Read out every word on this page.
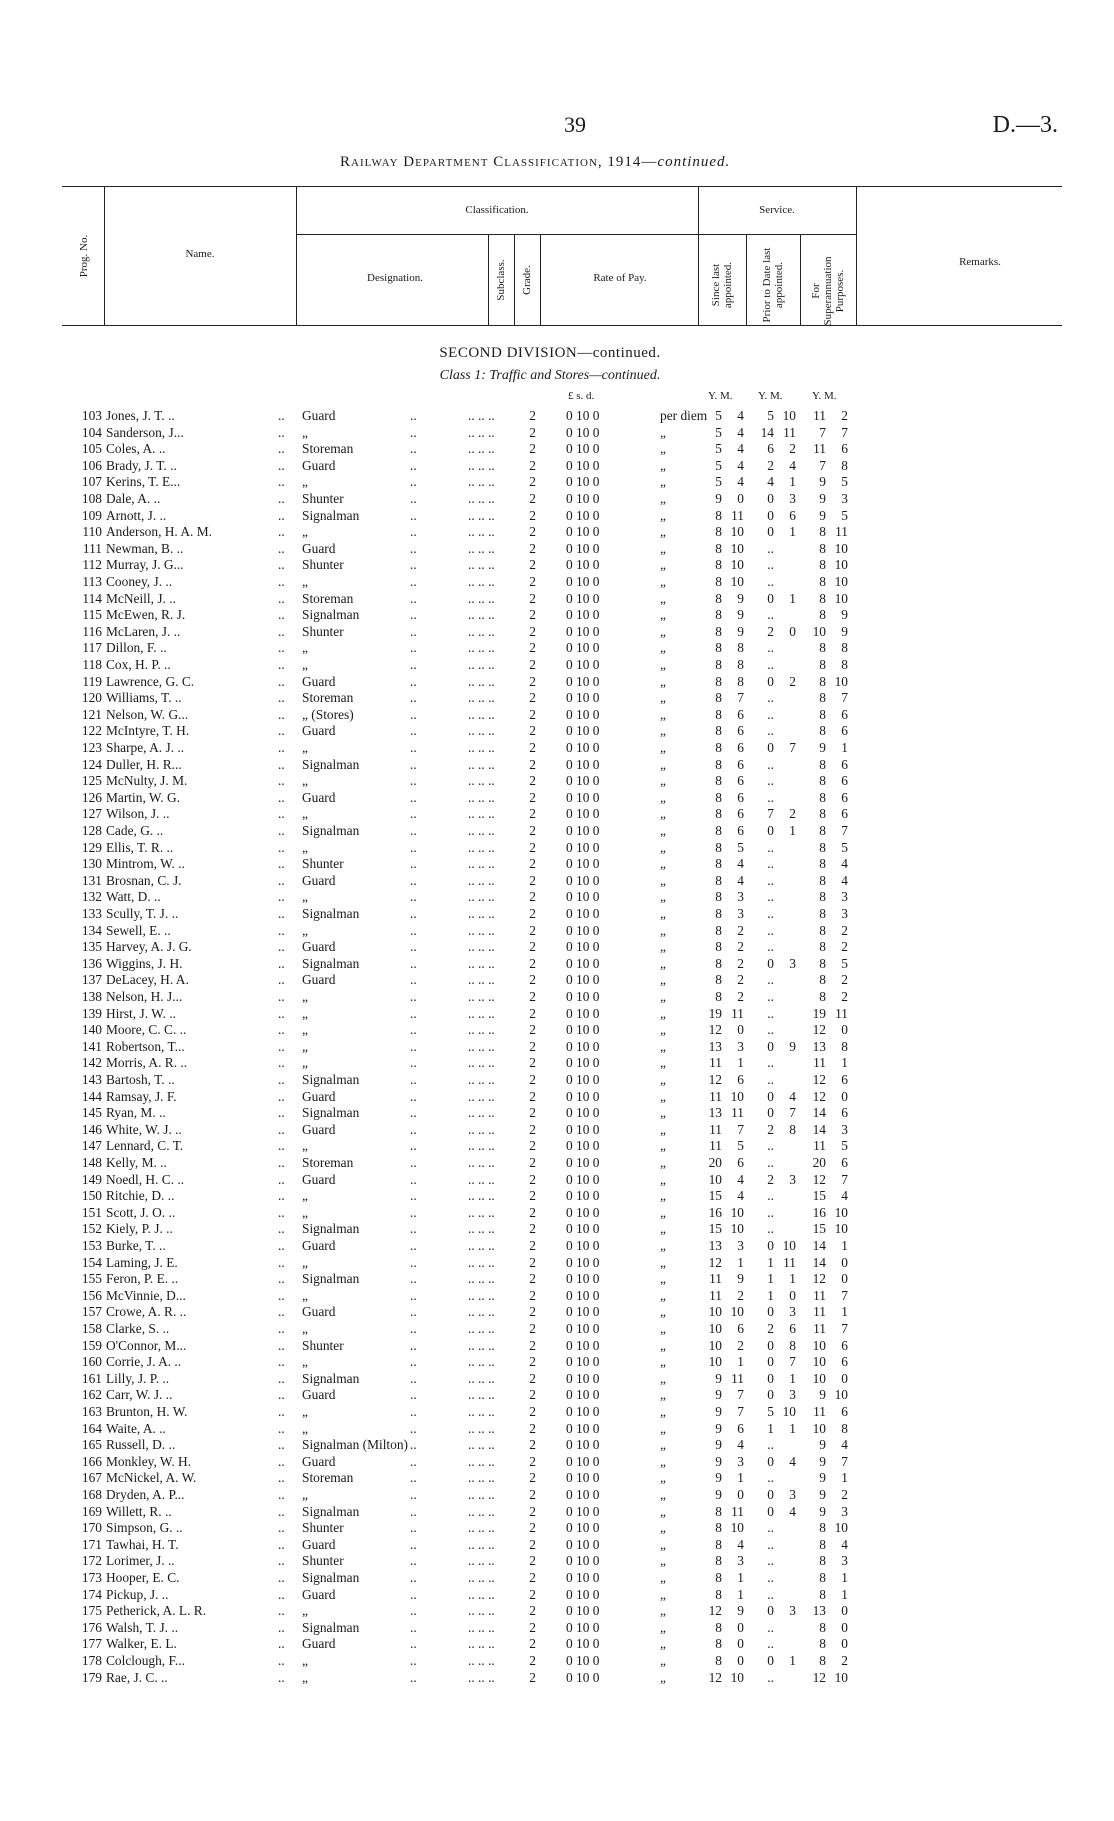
39	D.—3.
Railway Department Classification, 1914—continued.
Prog. No.	Name.
Classification.
Designation.	Subclass. Grade.	Rate of Pay.
Service.
Since last appointed. Prior to Date last appointed. For Superannuation Purposes.
Remarks.
SECOND DIVISION—continued.
Class 1: Traffic and Stores—continued.
£ s. d.	Y. M. Y. M.	Y. M.
103 Jones, J. T. ..	.. Guard	..	.. .. ..	2 0 10 0	per diem 5 4	5 10	11 2
104 Sanderson, J...	.. „	..	.. .. ..	2 0 10 0	„	5 4	14 11	7 7
105 Coles, A. ..	.. Storeman	..	.. .. ..	2 0 10 0	„	5 4	6 2	11 6
106 Brady, J. T. ..	.. Guard	..	.. .. ..	2 0 10 0	„	5 4	2 4	7 8
107 Kerins, T. E...	.. „	..	.. .. ..	2 0 10 0	„	5 4	4 1	9 5
108 Dale, A. ..	.. Shunter	..	.. .. ..	2 0 10 0	„	9 0	0 3	9 3
109 Arnott, J. ..	.. Signalman	..	.. .. ..	2 0 10 0	„	8 11	0 6	9 5
110 Anderson, H. A. M.	.. „	..	.. .. ..	2 0 10 0	„	8 10	0 1	8 11
111 Newman, B. ..	.. Guard	..	.. .. ..	2 0 10 0	„	8 10	..	8 10
112 Murray, J. G...	.. Shunter	..	.. .. ..	2 0 10 0	„	8 10	..	8 10
113 Cooney, J. ..	.. „	..	.. .. ..	2 0 10 0	„	8 10	..	8 10
114 McNeill, J. ..	.. Storeman	..	.. .. ..	2 0 10 0	„	8 9	0 1	8 10
115 McEwen, R. J.	.. Signalman	..	.. .. ..	2 0 10 0	„	8 9	..	8 9
116 McLaren, J. ..	.. Shunter	..	.. .. ..	2 0 10 0	„	8 9	2 0	10 9
117 Dillon, F. ..	.. „	..	.. .. ..	2 0 10 0	„	8 8	..	8 8
118 Cox, H. P. ..	.. „	..	.. .. ..	2 0 10 0	„	8 8	..	8 8
119 Lawrence, G. C.	.. Guard	..	.. .. ..	2 0 10 0	„	8 8	0 2	8 10
120 Williams, T. ..	.. Storeman	..	.. .. ..	2 0 10 0	„	8 7	..	8 7
121 Nelson, W. G...	.. „ (Stores)	..	.. .. ..	2 0 10 0	„	8 6	..	8 6
122 McIntyre, T. H.	.. Guard	..	.. .. ..	2 0 10 0	„	8 6	..	8 6
123 Sharpe, A. J. ..	.. „	..	.. .. ..	2 0 10 0	„	8 6	0 7	9 1
124 Duller, H. R...	.. Signalman	..	.. .. ..	2 0 10 0	„	8 6	..	8 6
125 McNulty, J. M.	.. „	..	.. .. ..	2 0 10 0	„	8 6	..	8 6
126 Martin, W. G.	.. Guard	..	.. .. ..	2 0 10 0	„	8 6	..	8 6
127 Wilson, J. ..	.. „	..	.. .. ..	2 0 10 0	„	8 6	7 2	8 6
128 Cade, G. ..	.. Signalman	..	.. .. ..	2 0 10 0	„	8 6	0 1	8 7
129 Ellis, T. R. ..	.. „	..	.. .. ..	2 0 10 0	„	8 5	..	8 5
130 Mintrom, W. ..	.. Shunter	..	.. .. ..	2 0 10 0	„	8 4	..	8 4
131 Brosnan, C. J.	.. Guard	..	.. .. ..	2 0 10 0	„	8 4	..	8 4
132 Watt, D. ..	.. „	..	.. .. ..	2 0 10 0	„	8 3	..	8 3
133 Scully, T. J. ..	.. Signalman	..	.. .. ..	2 0 10 0	„	8 3	..	8 3
134 Sewell, E. ..	.. „	..	.. .. ..	2 0 10 0	„	8 2	..	8 2
135 Harvey, A. J. G.	.. Guard	..	.. .. ..	2 0 10 0	„	8 2	..	8 2
136 Wiggins, J. H.	.. Signalman	..	.. .. ..	2 0 10 0	„	8 2	0 3	8 5
137 DeLacey, H. A.	.. Guard	..	.. .. ..	2 0 10 0	„	8 2	..	8 2
138 Nelson, H. J...	.. „	..	.. .. ..	2 0 10 0	„	8 2	..	8 2
139 Hirst, J. W. ..	.. „	..	.. .. ..	2 0 10 0	„	19 11	..	19 11
140 Moore, C. C. ..	.. „	..	.. .. ..	2 0 10 0	„	12 0	..	12 0
141 Robertson, T...	.. „	..	.. .. ..	2 0 10 0	„	13 3	0 9	13 8
142 Morris, A. R. ..	.. „	..	.. .. ..	2 0 10 0	„	11 1	..	11 1
143 Bartosh, T. ..	.. Signalman	..	.. .. ..	2 0 10 0	„	12 6	..	12 6
144 Ramsay, J. F.	.. Guard	..	.. .. ..	2 0 10 0	„	11 10	0 4	12 0
145 Ryan, M. ..	.. Signalman	..	.. .. ..	2 0 10 0	„	13 11	0 7	14 6
146 White, W. J. ..	.. Guard	..	.. .. ..	2 0 10 0	„	11 7	2 8	14 3
147 Lennard, C. T.	.. „	..	.. .. ..	2 0 10 0	„	11 5	..	11 5
148 Kelly, M. ..	.. Storeman	..	.. .. ..	2 0 10 0	„	20 6	..	20 6
149 Noedl, H. C. ..	.. Guard	..	.. .. ..	2 0 10 0	„	10 4	2 3	12 7
150 Ritchie, D. ..	.. „	..	.. .. ..	2 0 10 0	„	15 4	..	15 4
151 Scott, J. O. ..	.. „	..	.. .. ..	2 0 10 0	„	16 10	..	16 10
152 Kiely, P. J. ..	.. Signalman	..	.. .. ..	2 0 10 0	„	15 10	..	15 10
153 Burke, T. ..	.. Guard	..	.. .. ..	2 0 10 0	„	13 3	0 10	14 1
154 Laming, J. E.	.. „	..	.. .. ..	2 0 10 0	„	12 1	1 11	14 0
155 Feron, P. E. ..	.. Signalman	..	.. .. ..	2 0 10 0	„	11 9	1 1	12 0
156 McVinnie, D...	.. „	..	.. .. ..	2 0 10 0	„	11 2	1 0	11 7
157 Crowe, A. R. ..	.. Guard	..	.. .. ..	2 0 10 0	„	10 10	0 3	11 1
158 Clarke, S. ..	.. „	..	.. .. ..	2 0 10 0	„	10 6	2 6	11 7
159 O'Connor, M...	.. Shunter	..	.. .. ..	2 0 10 0	„	10 2	0 8	10 6
160 Corrie, J. A. ..	.. „	..	.. .. ..	2 0 10 0	„	10 1	0 7	10 6
161 Lilly, J. P. ..	.. Signalman	..	.. .. ..	2 0 10 0	„	9 11	0 1	10 0
162 Carr, W. J. ..	.. Guard	..	.. .. ..	2 0 10 0	„	9 7	0 3	9 10
163 Brunton, H. W.	.. „	..	.. .. ..	2 0 10 0	„	9 7	5 10	11 6
164 Waite, A. ..	.. „	..	.. .. ..	2 0 10 0	„	9 6	1 1	10 8
165 Russell, D. ..	.. Signalman (Milton) ..	.. .. ..	2 0 10 0	„	9 4	..	9 4
166 Monkley, W. H.	.. Guard	..	.. .. ..	2 0 10 0	„	9 3	0 4	9 7
167 McNickel, A. W.	.. Storeman	..	.. .. ..	2 0 10 0	„	9 1	..	9 1
168 Dryden, A. P...	.. „	..	.. .. ..	2 0 10 0	„	9 0	0 3	9 2
169 Willett, R. ..	.. Signalman	..	.. .. ..	2 0 10 0	„	8 11	0 4	9 3
170 Simpson, G. ..	.. Shunter	..	.. .. ..	2 0 10 0	„	8 10	..	8 10
171 Tawhai, H. T.	.. Guard	..	.. .. ..	2 0 10 0	„	8 4	..	8 4
172 Lorimer, J. ..	.. Shunter	..	.. .. ..	2 0 10 0	„	8 3	..	8 3
173 Hooper, E. C.	.. Signalman	..	.. .. ..	2 0 10 0	„	8 1	..	8 1
174 Pickup, J. ..	.. Guard	..	.. .. ..	2 0 10 0	„	8 1	..	8 1
175 Petherick, A. L. R.	.. „	..	.. .. ..	2 0 10 0	„	12 9	0 3	13 0
176 Walsh, T. J. ..	.. Signalman	..	.. .. ..	2 0 10 0	„	8 0	..	8 0
177 Walker, E. L.	.. Guard	..	.. .. ..	2 0 10 0	„	8 0	..	8 0
178 Colclough, F...	.. „	..	.. .. ..	2 0 10 0	„	8 0	0 1	8 2
179 Rae, J. C. ..	.. „	..	.. .. ..	2 0 10 0	„	12 10	..	12 10
